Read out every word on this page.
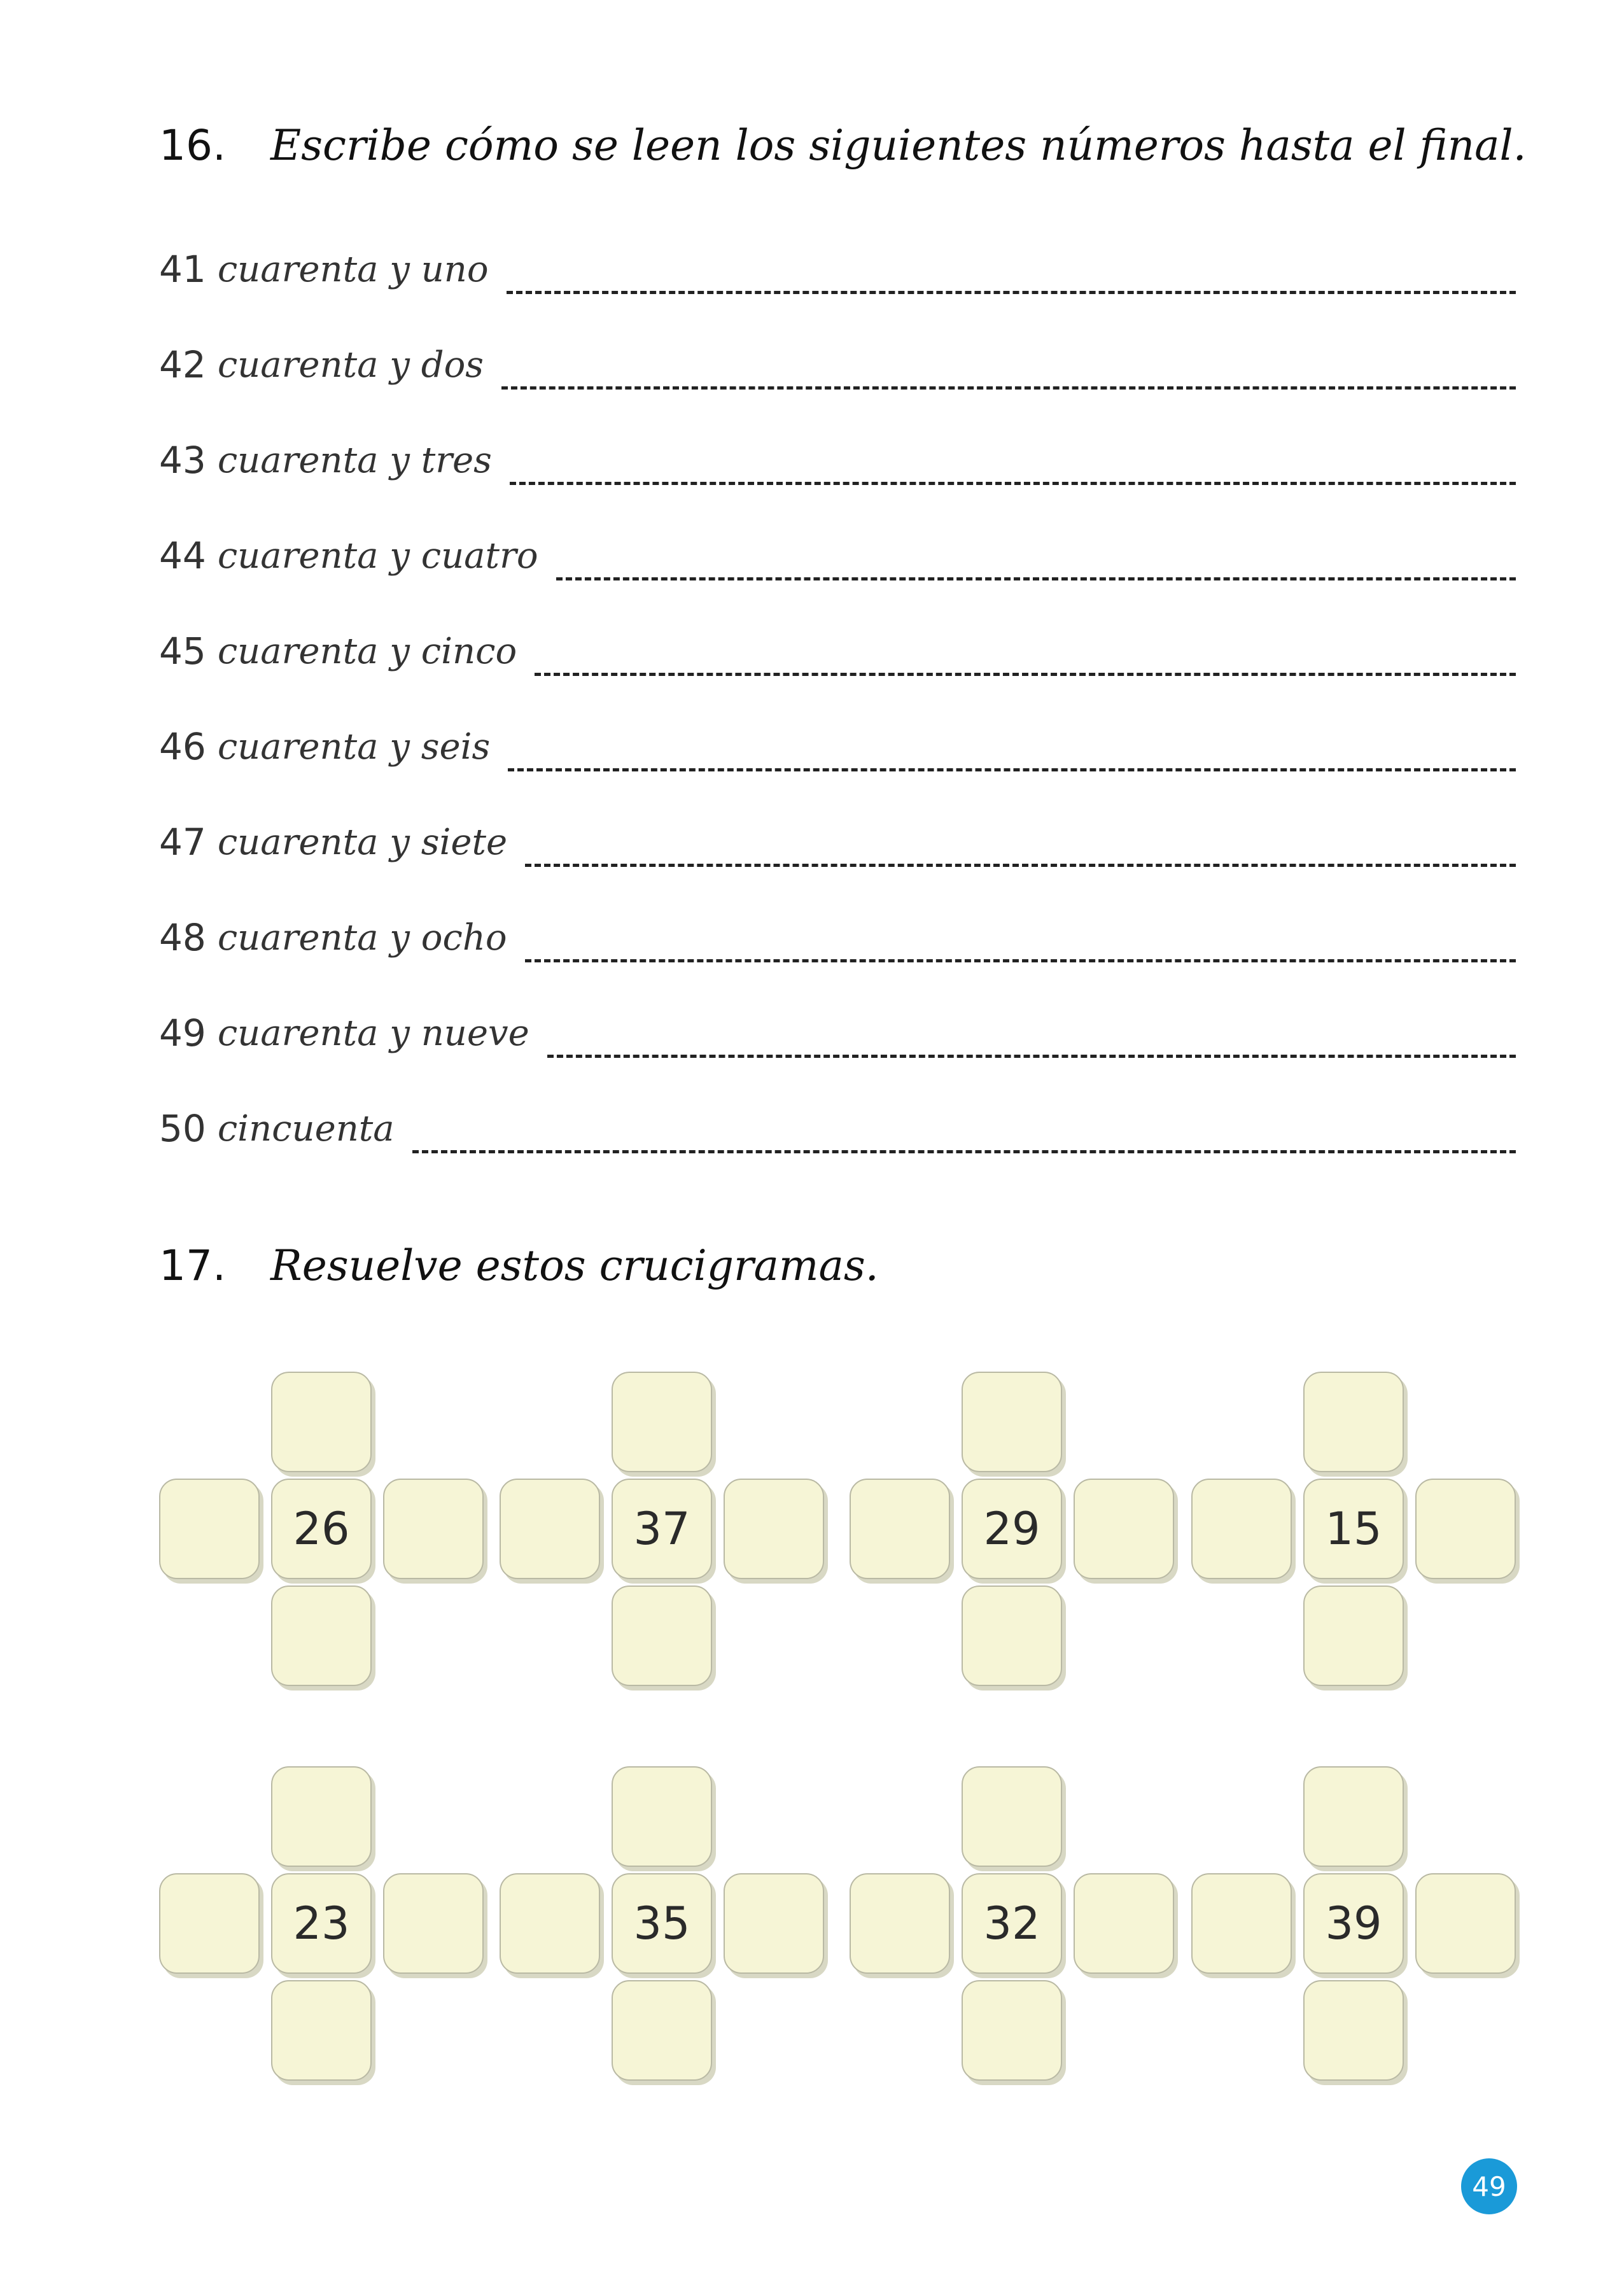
16. Escribe cómo se leen los siguientes números hasta el final.
41 cuarenta y uno
42 cuarenta y dos
43 cuarenta y tres
44 cuarenta y cuatro
45 cuarenta y cinco
46 cuarenta y seis
47 cuarenta y siete
48 cuarenta y ocho
49 cuarenta y nueve
50 cincuenta
17. Resuelve estos crucigramas.
26	37	29	15
23	35	32	39
49
